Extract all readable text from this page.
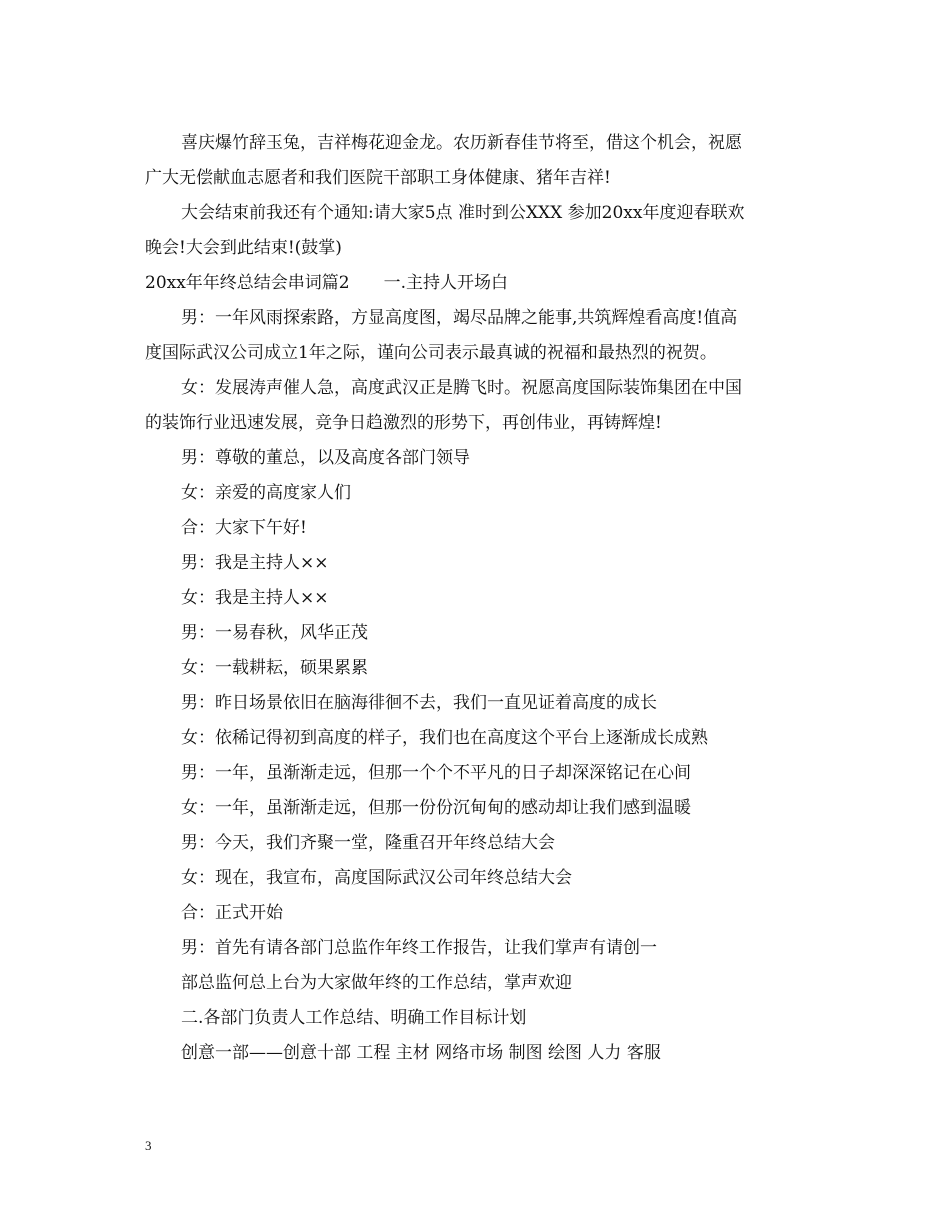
喜庆爆竹辞玉兔，吉祥梅花迎金龙。农历新春佳节将至，借这个机会，祝愿
广大无偿献血志愿者和我们医院干部职工身体健康、猪年吉祥!
大会结束前我还有个通知:请大家5点 准时到公XXX 参加20xx年度迎春联欢
晚会!大会到此结束!(鼓掌)
20xx年年终总结会串词篇2 一.主持人开场白
男：一年风雨探索路，方显高度图，竭尽品牌之能事,共筑辉煌看高度!值高
度国际武汉公司成立1年之际，谨向公司表示最真诚的祝福和最热烈的祝贺。
女：发展涛声催人急，高度武汉正是腾飞时。祝愿高度国际装饰集团在中国
的装饰行业迅速发展，竞争日趋激烈的形势下，再创伟业，再铸辉煌!
男：尊敬的董总，以及高度各部门领导
女：亲爱的高度家人们
合：大家下午好!
男：我是主持人××
女：我是主持人××
男：一易春秋，风华正茂
女：一载耕耘，硕果累累
男：昨日场景依旧在脑海徘徊不去，我们一直见证着高度的成长
女：依稀记得初到高度的样子，我们也在高度这个平台上逐渐成长成熟
男：一年，虽渐渐走远，但那一个个不平凡的日子却深深铭记在心间
女：一年，虽渐渐走远，但那一份份沉甸甸的感动却让我们感到温暖
男：今天，我们齐聚一堂，隆重召开年终总结大会
女：现在，我宣布，高度国际武汉公司年终总结大会
合：正式开始
男：首先有请各部门总监作年终工作报告，让我们掌声有请创一
部总监何总上台为大家做年终的工作总结，掌声欢迎
二.各部门负责人工作总结、明确工作目标计划
创意一部——创意十部 工程 主材 网络市场 制图 绘图 人力 客服
3
